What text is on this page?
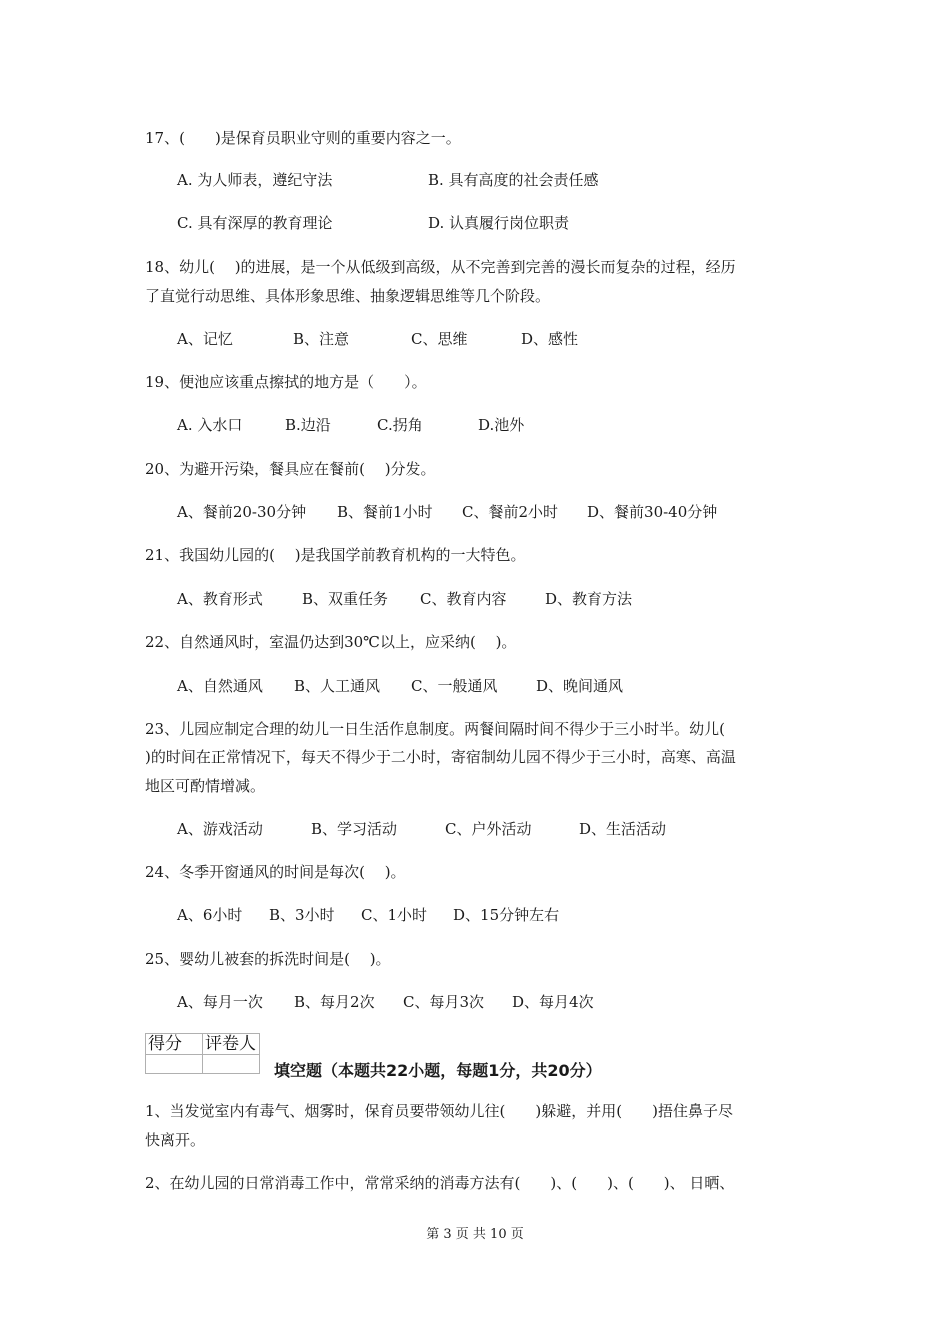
17、(　　)是保育员职业守则的重要内容之一。
A. 为人师表，遵纪守法	B. 具有高度的社会责任感
C. 具有深厚的教育理论	D. 认真履行岗位职责
18、幼儿(　 )的进展，是一个从低级到高级，从不完善到完善的漫长而复杂的过程，经历
了直觉行动思维、具体形象思维、抽象逻辑思维等几个阶段。
A、记忆	B、注意	C、思维	D、感性
19、便池应该重点擦拭的地方是（　　）。
A. 入水口	B.边沿	C.拐角	D.池外
20、为避开污染，餐具应在餐前(　 )分发。
A、餐前20-30分钟 B、餐前1小时 C、餐前2小时 D、餐前30-40分钟
21、我国幼儿园的(　 )是我国学前教育机构的一大特色。
A、教育形式	B、双重任务 C、教育内容	D、教育方法
22、自然通风时，室温仍达到30℃以上，应采纳(　 )。
A、自然通风 B、人工通风 C、一般通风	D、晚间通风
23、儿园应制定合理的幼儿一日生活作息制度。两餐间隔时间不得少于三小时半。幼儿(
)的时间在正常情况下，每天不得少于二小时，寄宿制幼儿园不得少于三小时，高寒、高温
地区可酌情增减。
A、游戏活动	B、学习活动	C、户外活动	D、生活活动
24、冬季开窗通风的时间是每次(　 )。
A、6小时 B、3小时 C、1小时 D、15分钟左右
25、婴幼儿被套的拆洗时间是(　 )。
A、每月一次 B、每月2次 C、每月3次 D、每月4次
得分	评卷人

填空题（本题共22小题，每题1分，共20分）
1、当发觉室内有毒气、烟雾时，保育员要带领幼儿往(　　)躲避，并用(　　)捂住鼻子尽
快离开。
2、在幼儿园的日常消毒工作中，常常采纳的消毒方法有(　　)、(　　)、(　　)、 日晒、
第 3 页 共 10 页
